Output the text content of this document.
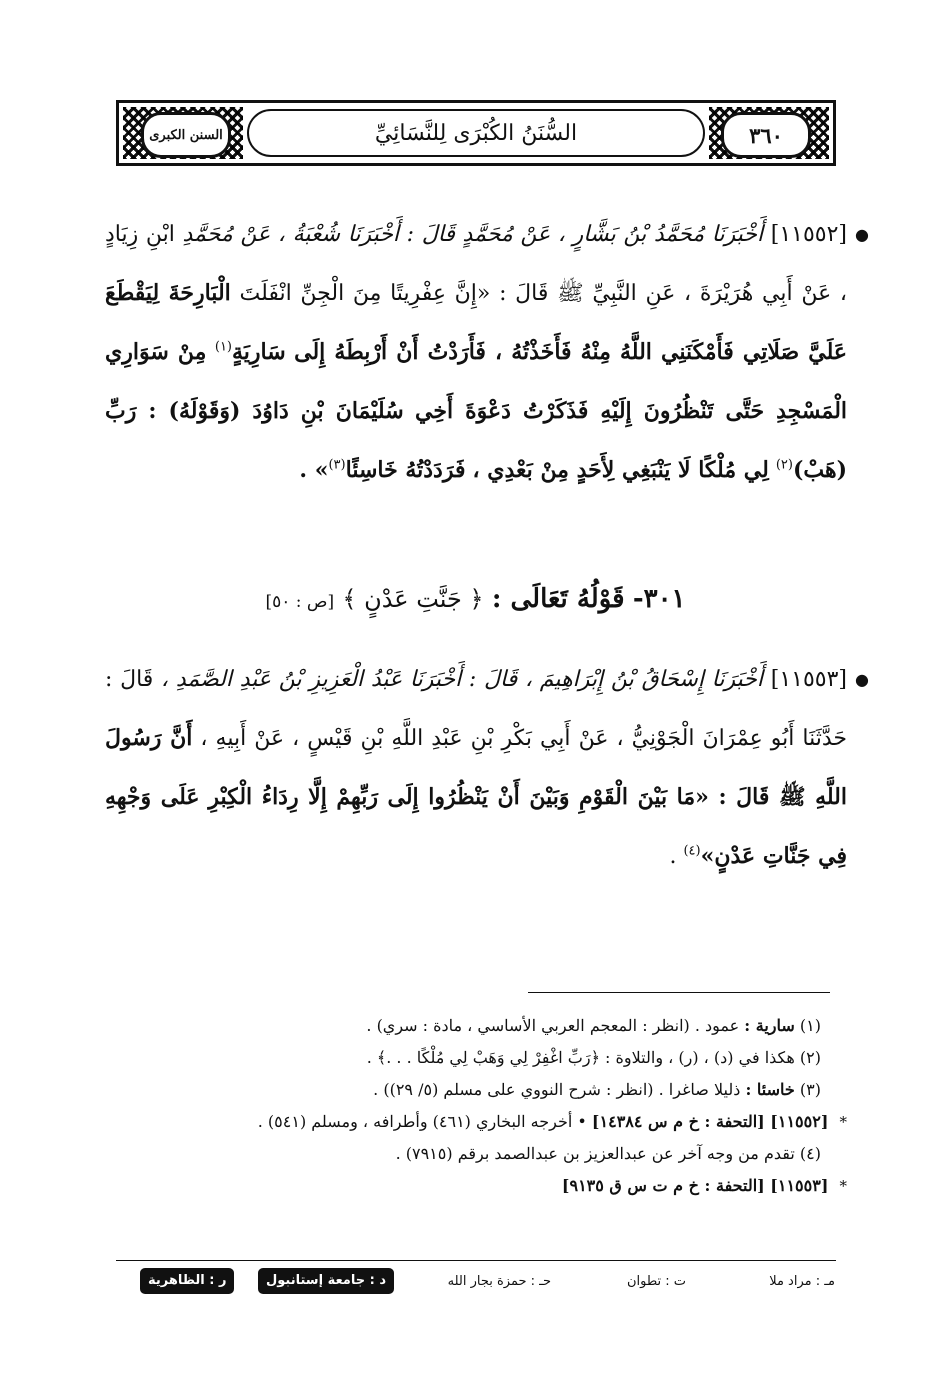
السنن الكبرى	٣٦٠
السُّنَنُ الكُبْرَى لِلنَّسَائِيِّ
●
[١١٥٥٢] أَخْبَرَنَا مُحَمَّدُ بْنُ بَشَّارٍ ، عَنْ مُحَمَّدٍ قَالَ : أَخْبَرَنَا شُعْبَةُ ، عَنْ مُحَمَّدِ ابْنِ زِيَادٍ ، عَنْ أَبِي هُرَيْرَةَ ، عَنِ النَّبِيِّ ﷺ قَالَ : «إِنَّ عِفْرِيتًا مِنَ الْجِنِّ انْفَلَتَ الْبَارِحَةَ لِيَقْطَعَ عَلَيَّ صَلَاتِي فَأَمْكَنَنِي اللَّهُ مِنْهُ فَأَخَذْتُهُ ، فَأَرَدْتُ أَنْ أَرْبِطَهُ إِلَى سَارِيَةٍ$^{(١)}$ مِنْ سَوَارِي الْمَسْجِدِ حَتَّى تَنْظُرُونَ إِلَيْهِ فَذَكَرْتُ دَعْوَةَ أَخِي سُلَيْمَانَ بْنِ دَاوُدَ (وَقَوْلَهُ) : رَبِّ (هَبْ)$^{(٢)}$ لِي مُلْكًا لَا يَنْبَغِي لِأَحَدٍ مِنْ بَعْدِي ، فَرَدَدْتُهُ خَاسِئًا$^{(٣)}$» .
٣٠١- قَوْلُهُ تَعَالَى : ﴿ جَنَّتِ عَدْنٍ ﴾ [ص : ٥٠]
●
[١١٥٥٣] أَخْبَرَنَا إِسْحَاقُ بْنُ إِبْرَاهِيمَ ، قَالَ : أَخْبَرَنَا عَبْدُ الْعَزِيزِ بْنُ عَبْدِ الصَّمَدِ ، قَالَ : حَدَّثَنَا أَبُو عِمْرَانَ الْجَوْنِيُّ ، عَنْ أَبِي بَكْرِ بْنِ عَبْدِ اللَّهِ بْنِ قَيْسٍ ، عَنْ أَبِيهِ ، أَنَّ رَسُولَ اللَّهِ ﷺ قَالَ : «مَا بَيْنَ الْقَوْمِ وَبَيْنَ أَنْ يَنْظُرُوا إِلَى رَبِّهِمْ إِلَّا رِدَاءُ الْكِبْرِ عَلَى وَجْهِهِ فِي جَنَّاتِ عَدْنٍ»$^{(٤)}$ .
(١) سارية : عمود . (انظر : المعجم العربي الأساسي ، مادة : سري) .
(٢) هكذا في (د) ، (ر) ، والتلاوة : ﴿رَبِّ اغْفِرْ لِي وَهَبْ لِي مُلْكًا . . .﴾ .
(٣) خاسئا : ذليلا صاغرا . (انظر : شرح النووي على مسلم (٥/ ٢٩)) .
* [١١٥٥٢] [التحفة : خ م س ١٤٣٨٤] • أخرجه البخاري (٤٦١) وأطرافه ، ومسلم (٥٤١) .
(٤) تقدم من وجه آخر عن عبدالعزيز بن عبدالصمد برقم (٧٩١٥) .
* [١١٥٥٣] [التحفة : خ م ت س ق ٩١٣٥]
مـ : مراد ملا
ت : تطوان
حـ : حمزة بجار الله
د : جامعة إستانبول
ر : الظاهرية
